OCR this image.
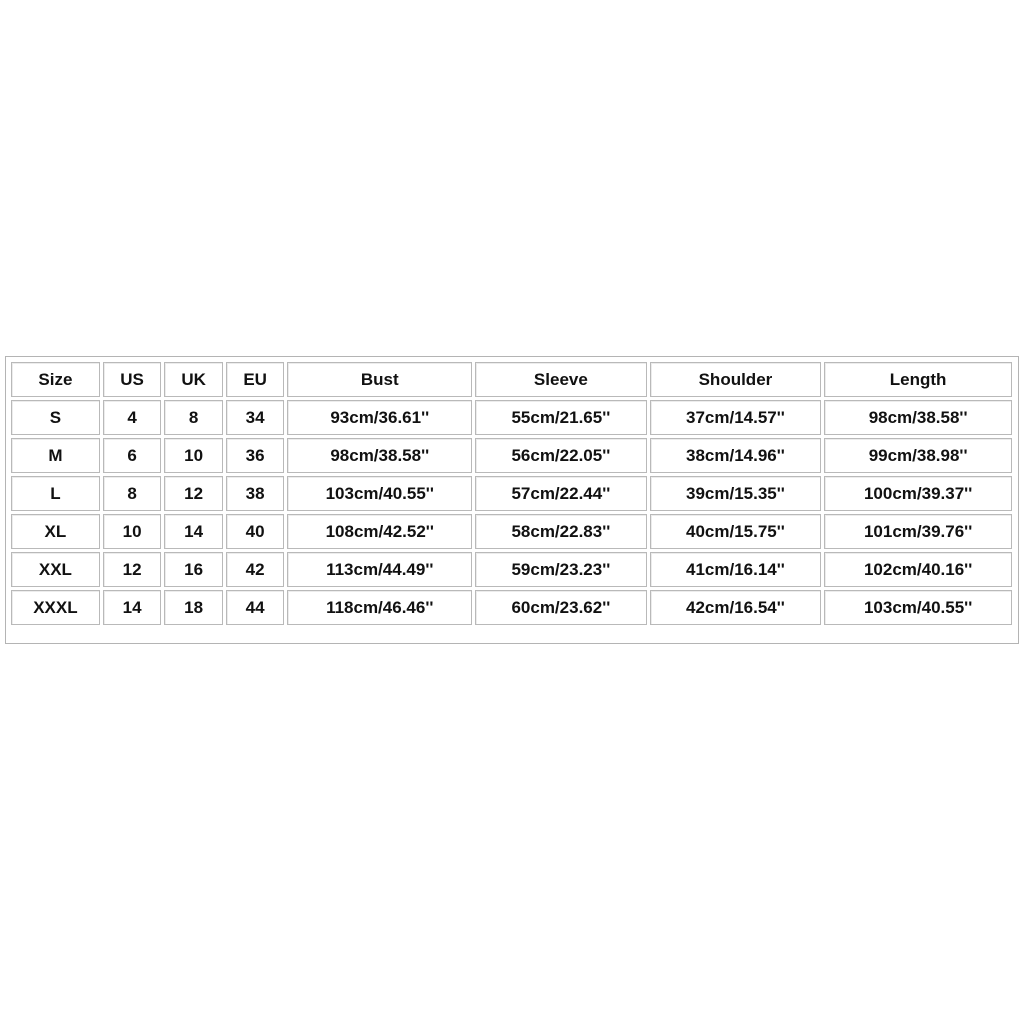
Size	US	UK	EU	Bust	Sleeve	Shoulder	Length
S	4	8	34	93cm/36.61''	55cm/21.65''	37cm/14.57''	98cm/38.58''
M	6	10	36	98cm/38.58''	56cm/22.05''	38cm/14.96''	99cm/38.98''
L	8	12	38	103cm/40.55''	57cm/22.44''	39cm/15.35''	100cm/39.37''
XL	10	14	40	108cm/42.52''	58cm/22.83''	40cm/15.75''	101cm/39.76''
XXL	12	16	42	113cm/44.49''	59cm/23.23''	41cm/16.14''	102cm/40.16''
XXXL	14	18	44	118cm/46.46''	60cm/23.62''	42cm/16.54''	103cm/40.55''
